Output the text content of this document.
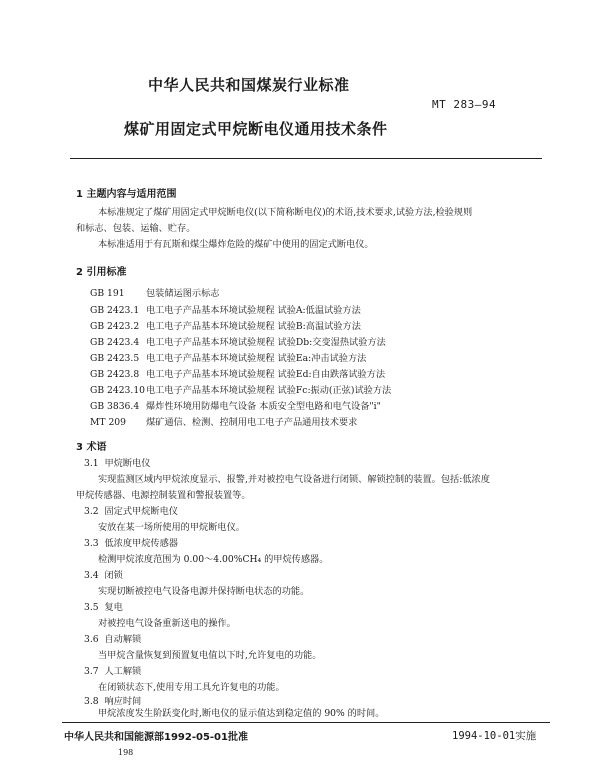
中华人民共和国煤炭行业标准
MT 283—94
煤矿用固定式甲烷断电仪通用技术条件
1 主题内容与适用范围
本标准规定了煤矿用固定式甲烷断电仪(以下简称断电仪)的术语,技术要求,试验方法,检验规则
和标志、包装、运输、贮存。
本标准适用于有瓦斯和煤尘爆炸危险的煤矿中使用的固定式断电仪。
2 引用标准
GB 191 包装储运图示标志
GB 2423.1 电工电子产品基本环境试验规程 试验A:低温试验方法
GB 2423.2 电工电子产品基本环境试验规程 试验B:高温试验方法
GB 2423.4 电工电子产品基本环境试验规程 试验Db:交变湿热试验方法
GB 2423.5 电工电子产品基本环境试验规程 试验Ea:冲击试验方法
GB 2423.8 电工电子产品基本环境试验规程 试验Ed:自由跌落试验方法
GB 2423.10电工电子产品基本环境试验规程 试验Fc:振动(正弦)试验方法
GB 3836.4 爆炸性环境用防爆电气设备 本质安全型电路和电气设备"i"
MT 209 煤矿通信、检测、控制用电工电子产品通用技术要求
3 术语
3.1 甲烷断电仪
实现监测区域内甲烷浓度显示、报警,并对被控电气设备进行闭锁、解锁控制的装置。包括:低浓度
甲烷传感器、电源控制装置和警报装置等。
3.2 固定式甲烷断电仪
安放在某一场所使用的甲烷断电仪。
3.3 低浓度甲烷传感器
检测甲烷浓度范围为 0.00～4.00%CH₄ 的甲烷传感器。
3.4 闭锁
实现切断被控电气设备电源并保持断电状态的功能。
3.5 复电
对被控电气设备重新送电的操作。
3.6 自动解锁
当甲烷含量恢复到预置复电值以下时,允许复电的功能。
3.7 人工解锁
在闭锁状态下,使用专用工具允许复电的功能。
3.8 响应时间
甲烷浓度发生阶跃变化时,断电仪的显示值达到稳定值的 90% 的时间。
中华人民共和国能源部1992-05-01批准	1994-10-01实施
198
